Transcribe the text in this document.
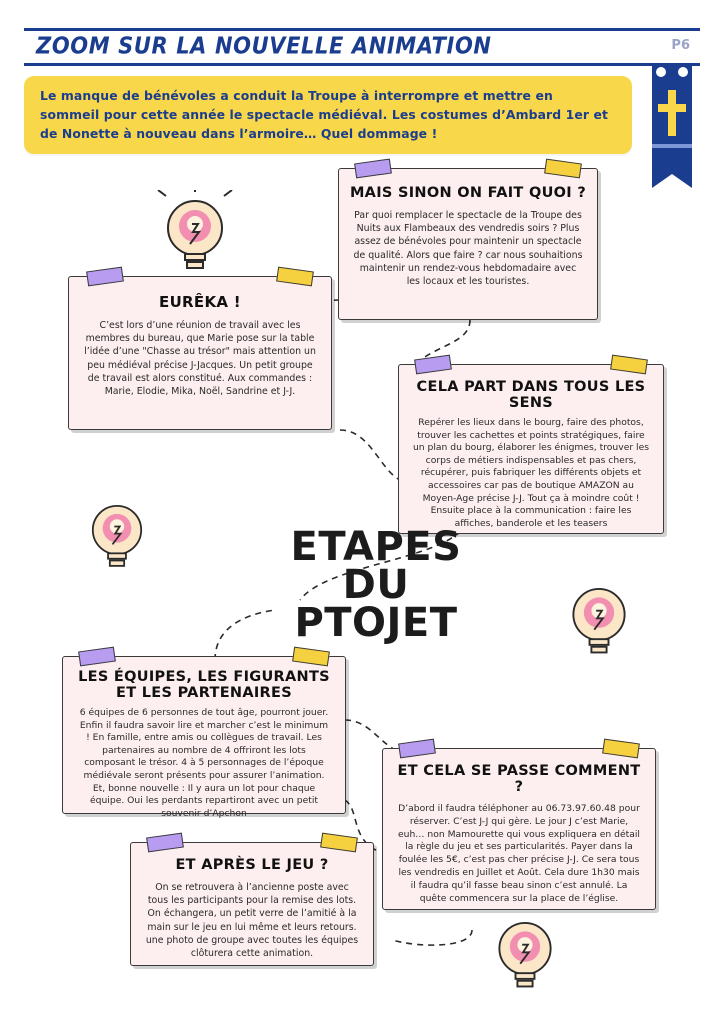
ZOOM SUR LA NOUVELLE ANIMATION	P6
Le manque de bénévoles a conduit la Troupe à interrompre et mettre en sommeil pour cette année le spectacle médiéval. Les costumes d’Ambard 1er et de Nonette à nouveau dans l’armoire… Quel dommage !
MAIS SINON ON FAIT QUOI ?
Par quoi remplacer le spectacle de la Troupe des Nuits aux Flambeaux des vendredis soirs ? Plus assez de bénévoles pour maintenir un spectacle de qualité. Alors que faire ? car nous souhaitions maintenir un rendez-vous hebdomadaire avec les locaux et les touristes.
EURÊKA !
C’est lors d’une réunion de travail avec les membres du bureau, que Marie pose sur la table l’idée d’une "Chasse au trésor" mais attention un peu médiéval précise J-Jacques. Un petit groupe de travail est alors constitué. Aux commandes : Marie, Elodie, Mika, Noël, Sandrine et J-J.	CELA PART DANS TOUS LES SENS
Repérer les lieux dans le bourg, faire des photos, trouver les cachettes et points stratégiques, faire un plan du bourg, élaborer les énigmes, trouver les corps de métiers indispensables et pas chers, récupérer, puis fabriquer les différents objets et accessoires car pas de boutique AMAZON au Moyen-Age précise J-J. Tout ça à moindre coût ! Ensuite place à la communication : faire les affiches, banderole et les teasers
LES ÉQUIPES, LES FIGURANTS
ET LES PARTENAIRES
6 équipes de 6 personnes de tout âge, pourront jouer. Enfin il faudra savoir lire et marcher c’est le minimum ! En famille, entre amis ou collègues de travail. Les partenaires au nombre de 4 offriront les lots composant le trésor. 4 à 5 personnages de l’époque médiévale seront présents pour assurer l’animation. Et, bonne nouvelle : Il y aura un lot pour chaque équipe. Oui les perdants repartiront avec un petit souvenir d’Apchon
ET CELA SE PASSE COMMENT ?
D’abord il faudra téléphoner au 06.73.97.60.48 pour réserver. C’est J-J qui gère. Le jour J c’est Marie, euh… non Mamourette qui vous expliquera en détail la règle du jeu et ses particularités. Payer dans la foulée les 5€, c’est pas cher précise J-J. Ce sera tous les vendredis en Juillet et Août. Cela dure 1h30 mais il faudra qu’il fasse beau sinon c’est annulé. La quête commencera sur la place de l’église.
ET APRÈS LE JEU ?
On se retrouvera à l’ancienne poste avec tous les participants pour la remise des lots. On échangera, un petit verre de l’amitié à la main sur le jeu en lui même et leurs retours. une photo de groupe avec toutes les équipes clôturera cette animation.
ETAPES
DU
PTOJET
